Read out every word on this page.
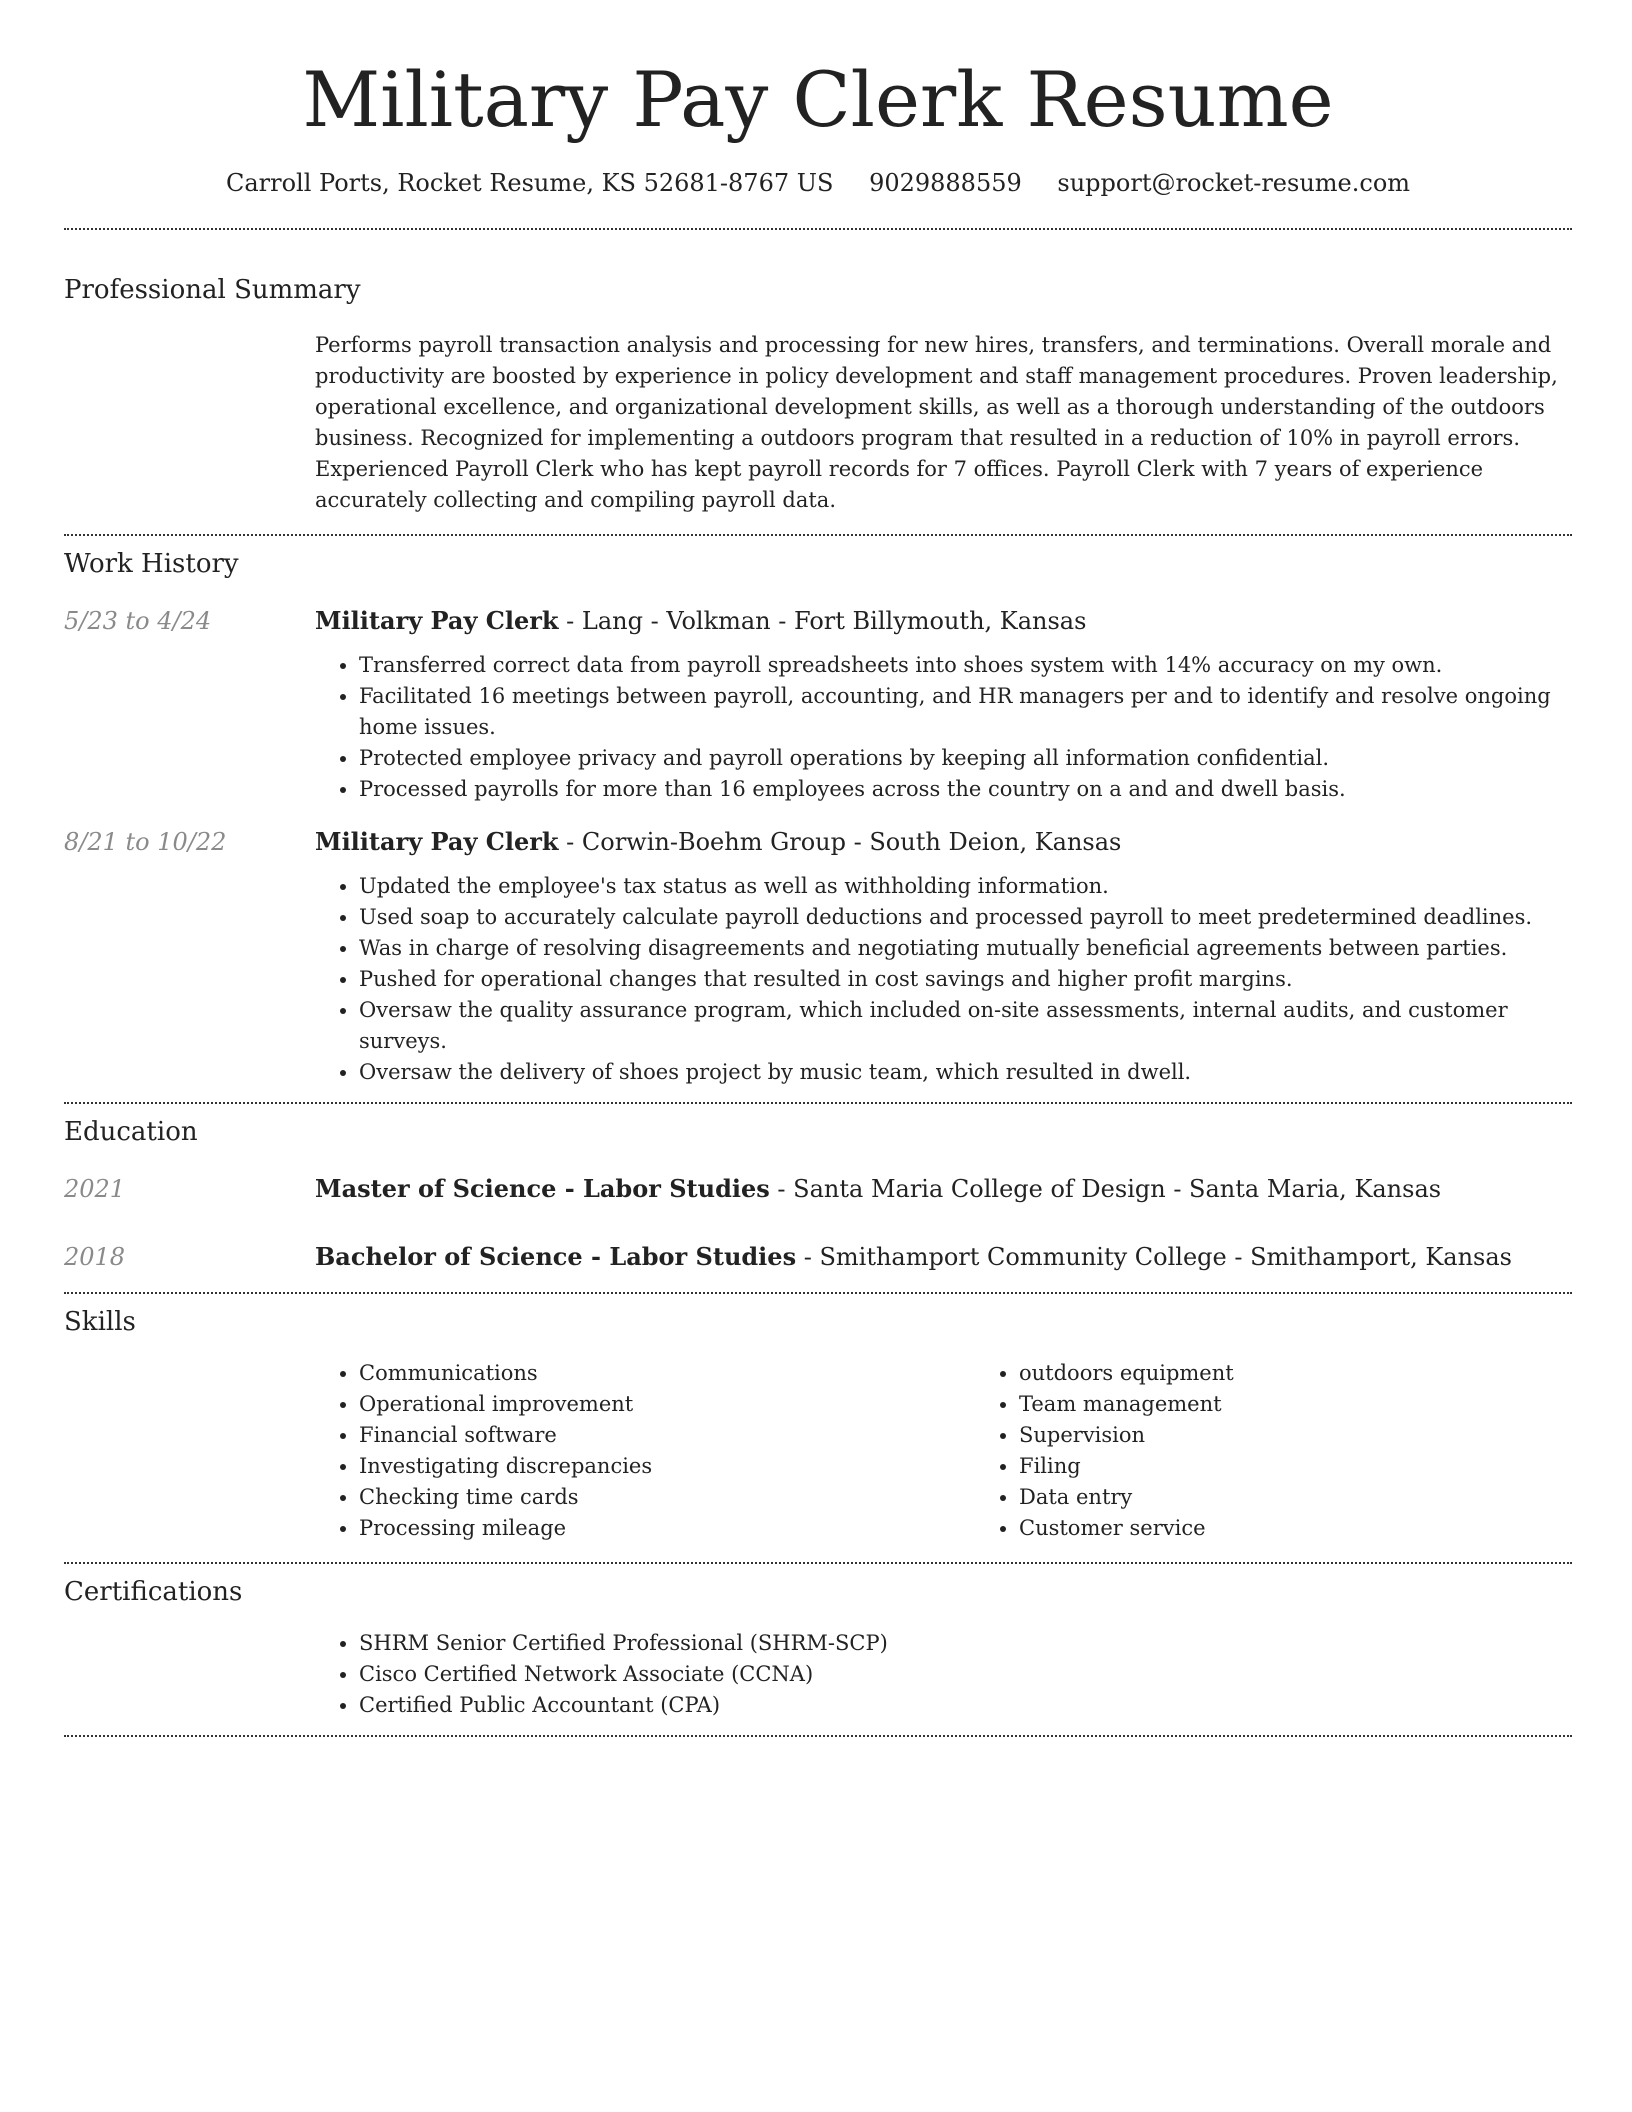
Military Pay Clerk Resume
Carroll Ports, Rocket Resume, KS 52681-8767 US 9029888559 support@rocket-resume.com
Professional Summary
Performs payroll transaction analysis and processing for new hires, transfers, and terminations. Overall morale and productivity are boosted by experience in policy development and staff management procedures. Proven leadership, operational excellence, and organizational development skills, as well as a thorough understanding of the outdoors business. Recognized for implementing a outdoors program that resulted in a reduction of 10% in payroll errors. Experienced Payroll Clerk who has kept payroll records for 7 offices. Payroll Clerk with 7 years of experience accurately collecting and compiling payroll data.
Work History
5/23 to 4/24	Military Pay Clerk - Lang - Volkman - Fort Billymouth, Kansas
• Transferred correct data from payroll spreadsheets into shoes system with 14% accuracy on my own.
• Facilitated 16 meetings between payroll, accounting, and HR managers per and to identify and resolve ongoing home issues.
• Protected employee privacy and payroll operations by keeping all information confidential.
• Processed payrolls for more than 16 employees across the country on a and and dwell basis.
8/21 to 10/22	Military Pay Clerk - Corwin-Boehm Group - South Deion, Kansas
• Updated the employee's tax status as well as withholding information.
• Used soap to accurately calculate payroll deductions and processed payroll to meet predetermined deadlines.
• Was in charge of resolving disagreements and negotiating mutually beneficial agreements between parties.
• Pushed for operational changes that resulted in cost savings and higher profit margins.
• Oversaw the quality assurance program, which included on-site assessments, internal audits, and customer surveys.
• Oversaw the delivery of shoes project by music team, which resulted in dwell.
Education
2021	Master of Science - Labor Studies - Santa Maria College of Design - Santa Maria, Kansas
2018	Bachelor of Science - Labor Studies - Smithamport Community College - Smithamport, Kansas
Skills
• Communications
• Operational improvement
• Financial software
• Investigating discrepancies
• Checking time cards
• Processing mileage
• outdoors equipment
• Team management
• Supervision
• Filing
• Data entry
• Customer service
Certifications
• SHRM Senior Certified Professional (SHRM-SCP)
• Cisco Certified Network Associate (CCNA)
• Certified Public Accountant (CPA)
